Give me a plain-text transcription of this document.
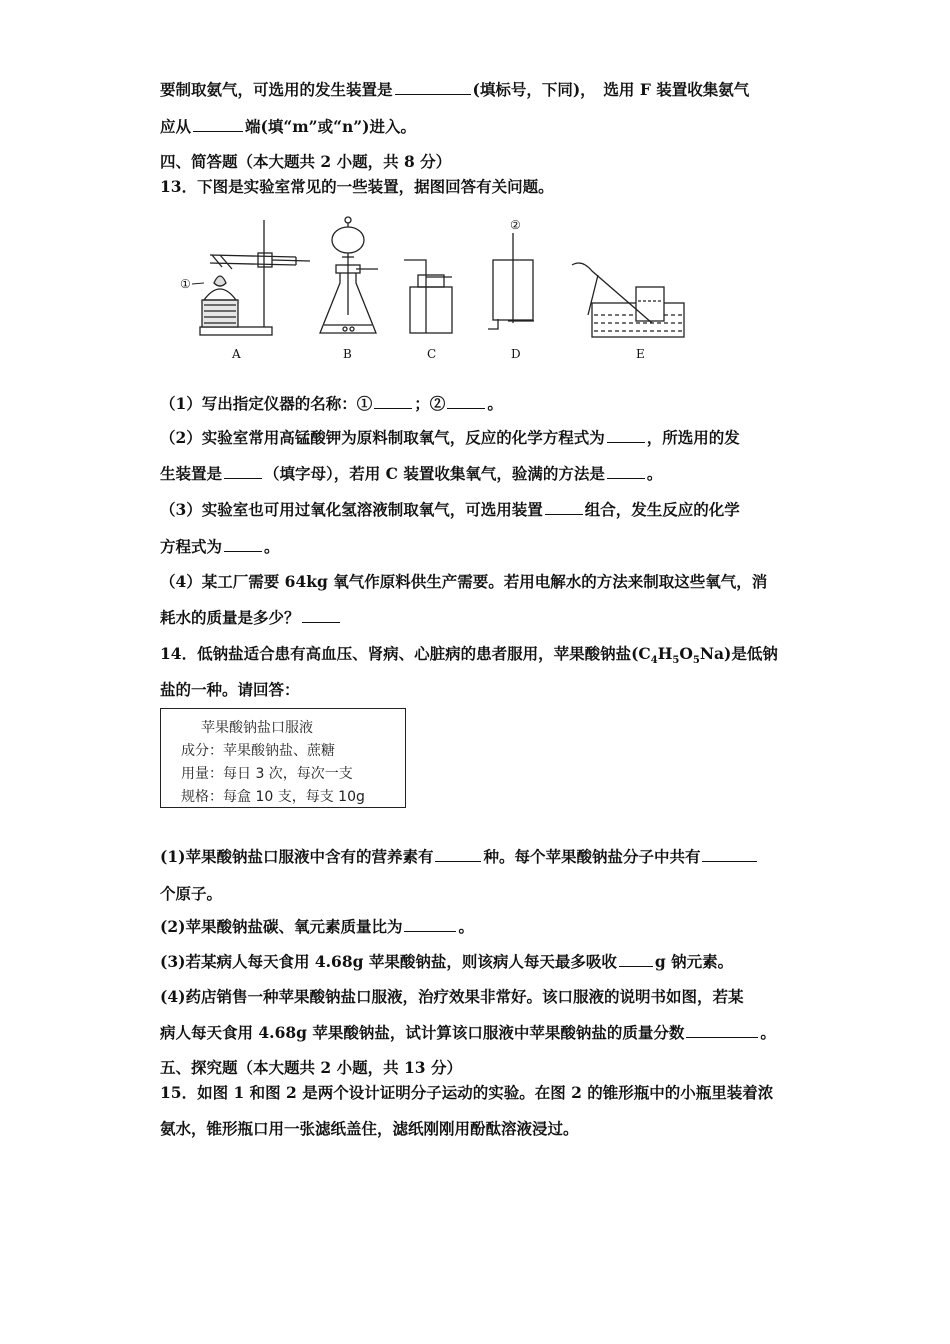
要制取氨气，可选用的发生装置是	(填标号，下同)，　选用 F 装置收集氨气
应从	端(填“m”或“n”)进入。
四、简答题（本大题共 2 小题，共 8 分）
13．下图是实验室常见的一些装置，据图回答有关问题。
①
②
A	B	C	D	E
（1）写出指定仪器的名称：①	；②	。
（2）实验室常用高锰酸钾为原料制取氧气，反应的化学方程式为	，所选用的发
生装置是	（填字母），若用 C 装置收集氧气，验满的方法是	。
（3）实验室也可用过氧化氢溶液制取氧气，可选用装置	组合，发生反应的化学
方程式为	。
（4）某工厂需要 64kg 氧气作原料供生产需要。若用电解水的方法来制取这些氧气，消
耗水的质量是多少？
14．低钠盐适合患有高血压、肾病、心脏病的患者服用，苹果酸钠盐$(C_4H_5O_5Na)$是低钠
盐的一种。请回答：
苹果酸钠盐口服液
成分：苹果酸钠盐、蔗糖
用量：每日 3 次，每次一支
规格：每盒 10 支，每支 10g
(1)苹果酸钠盐口服液中含有的营养素有	种。每个苹果酸钠盐分子中共有
个原子。
(2)苹果酸钠盐碳、氧元素质量比为	。
(3)若某病人每天食用 4.68g 苹果酸钠盐，则该病人每天最多吸收 g 钠元素。
(4)药店销售一种苹果酸钠盐口服液，治疗效果非常好。该口服液的说明书如图，若某
病人每天食用 4.68g 苹果酸钠盐，试计算该口服液中苹果酸钠盐的质量分数	。
五、探究题（本大题共 2 小题，共 13 分）
15．如图 1 和图 2 是两个设计证明分子运动的实验。在图 2 的锥形瓶中的小瓶里装着浓
氨水，锥形瓶口用一张滤纸盖住，滤纸刚刚用酚酞溶液浸过。
